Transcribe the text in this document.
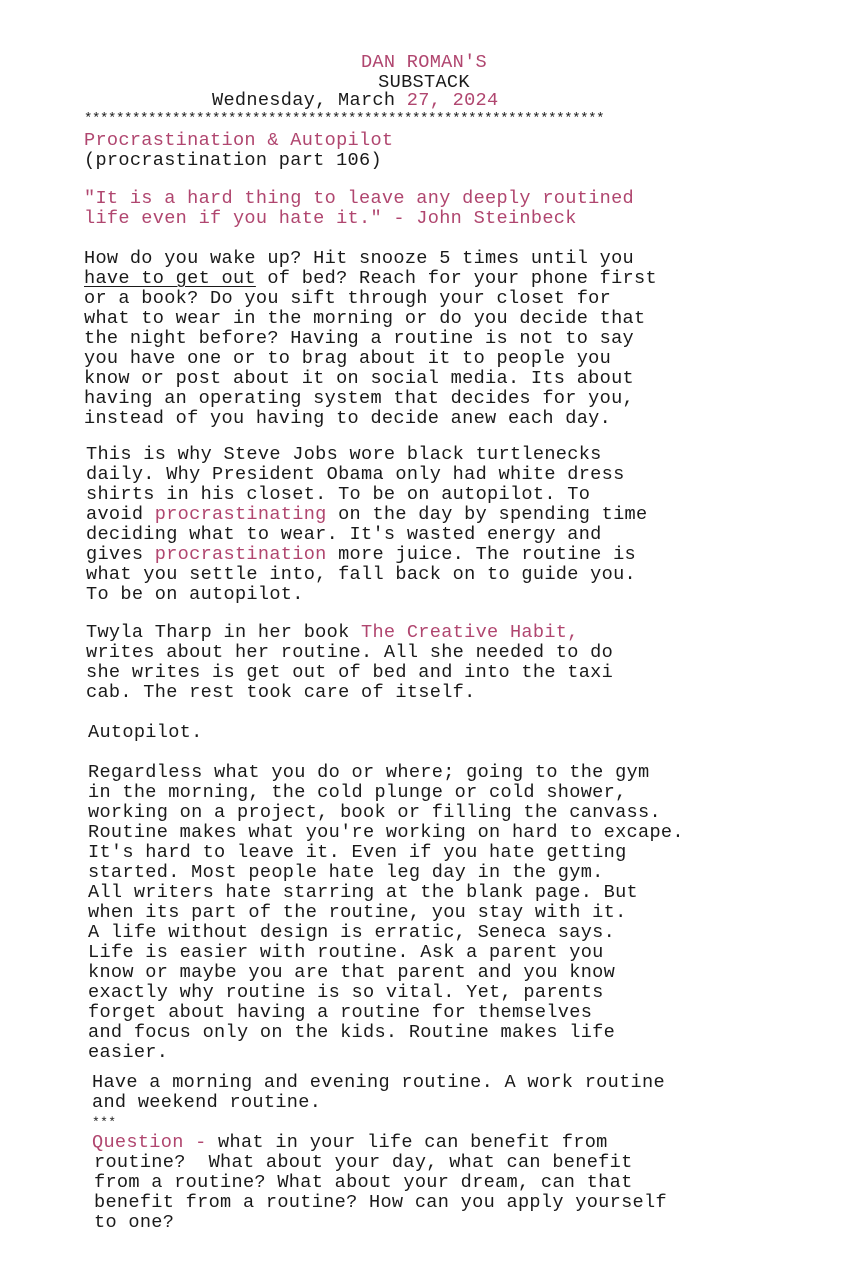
DAN ROMAN'S
SUBSTACK
Wednesday, March 27, 2024
*****************************************************************
Procrastination & Autopilot
(procrastination part 106)
"It is a hard thing to leave any deeply routined
life even if you hate it." - John Steinbeck
How do you wake up? Hit snooze 5 times until you
have to get out of bed? Reach for your phone first
or a book? Do you sift through your closet for
what to wear in the morning or do you decide that
the night before? Having a routine is not to say
you have one or to brag about it to people you
know or post about it on social media. Its about
having an operating system that decides for you,
instead of you having to decide anew each day.
This is why Steve Jobs wore black turtlenecks
daily. Why President Obama only had white dress
shirts in his closet. To be on autopilot. To
avoid procrastinating on the day by spending time
deciding what to wear. It's wasted energy and
gives procrastination more juice. The routine is
what you settle into, fall back on to guide you.
To be on autopilot.
Twyla Tharp in her book The Creative Habit,
writes about her routine. All she needed to do
she writes is get out of bed and into the taxi
cab. The rest took care of itself.
Autopilot.
Regardless what you do or where; going to the gym
in the morning, the cold plunge or cold shower,
working on a project, book or filling the canvass.
Routine makes what you're working on hard to excape.
It's hard to leave it. Even if you hate getting
started. Most people hate leg day in the gym.
All writers hate starring at the blank page. But
when its part of the routine, you stay with it.
A life without design is erratic, Seneca says.
Life is easier with routine. Ask a parent you
know or maybe you are that parent and you know
exactly why routine is so vital. Yet, parents
forget about having a routine for themselves
and focus only on the kids. Routine makes life
easier.
Have a morning and evening routine. A work routine
and weekend routine.
***
Question - what in your life can benefit from
routine?  What about your day, what can benefit
from a routine? What about your dream, can that
benefit from a routine? How can you apply yourself
to one?
